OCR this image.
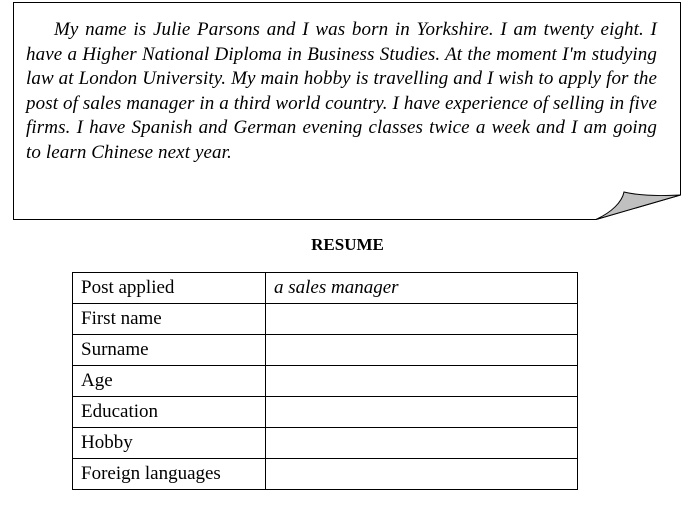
My name is Julie Parsons and I was born in Yorkshire. I am twenty eight. I have a Higher National Diploma in Business Studies. At the moment I'm studying law at London University. My main hobby is travelling and I wish to apply for the post of sales manager in a third world country. I have experience of selling in five firms. I have Spanish and German evening classes twice a week and I am going to learn Chinese next year.

RESUME
Post applied	a sales manager
First name	
Surname	
Age	
Education	
Hobby	
Foreign languages	
